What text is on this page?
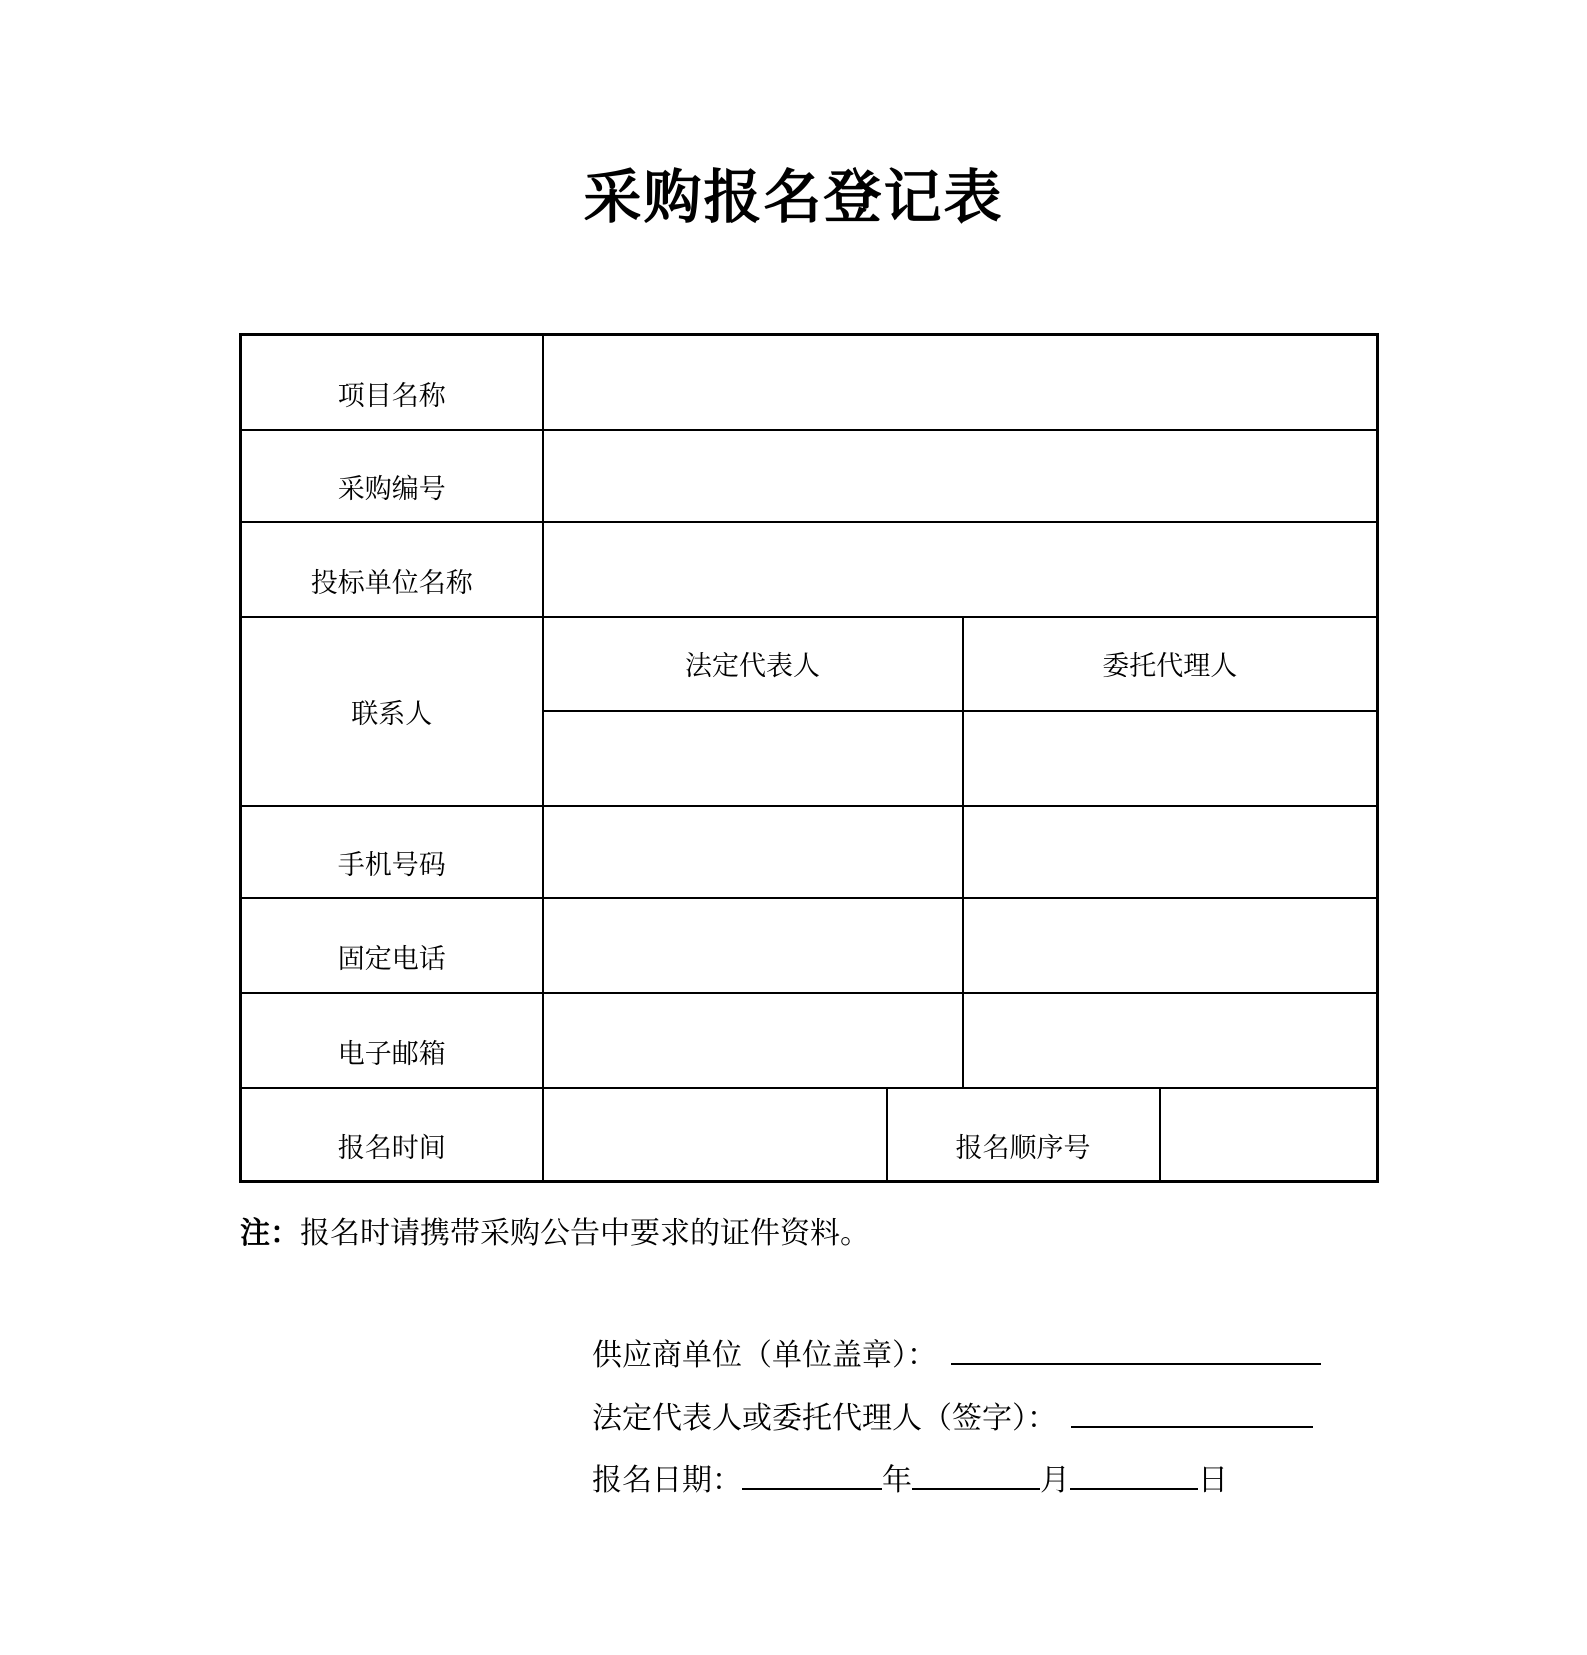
采购报名登记表
项目名称	
采购编号	
投标单位名称	
联系人	法定代表人		委托代理人	

手机号码		
固定电话		
电子邮箱		
报名时间		报名顺序号	
注：报名时请携带采购公告中要求的证件资料。
供应商单位（单位盖章）：
法定代表人或委托代理人（签字）：
报名日期：	年	月	日
